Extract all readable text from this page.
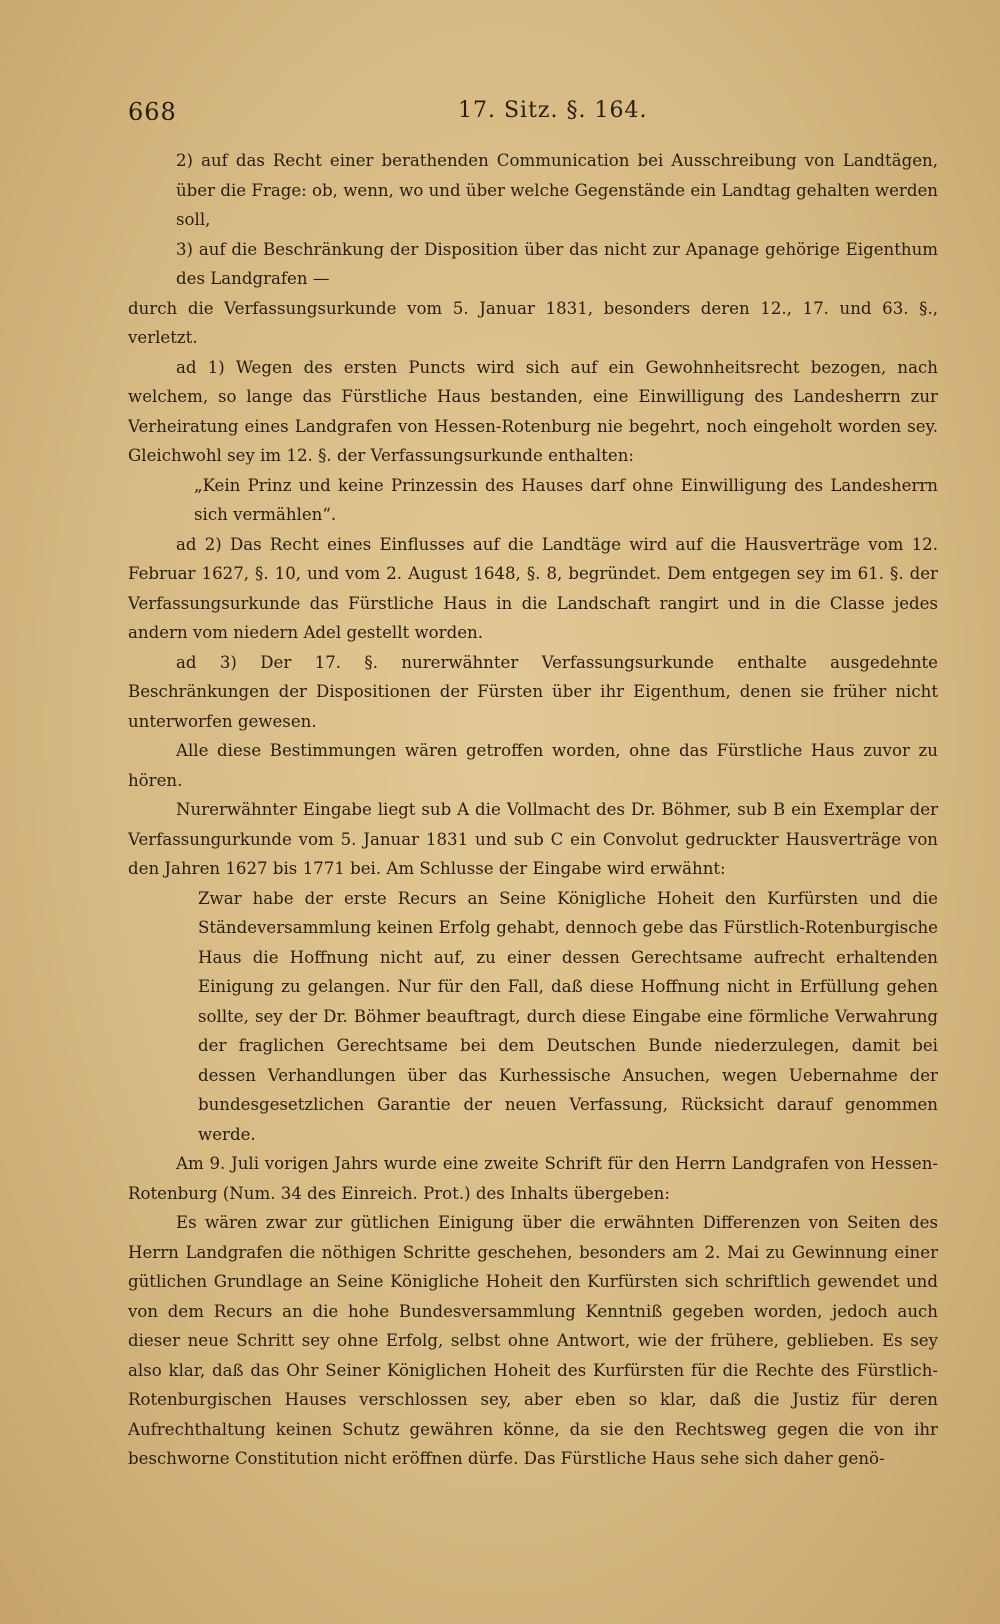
668	17. Sitz. §. 164.

2) auf das Recht einer berathenden Communication bei Ausschreibung von Landtägen, über die Frage: ob, wenn, wo und über welche Gegenstände ein Landtag gehalten werden soll,

3) auf die Beschränkung der Disposition über das nicht zur Apanage gehörige Eigenthum des Landgrafen —

durch die Verfassungsurkunde vom 5. Januar 1831, besonders deren 12., 17. und 63. §., verletzt.

ad 1) Wegen des ersten Puncts wird sich auf ein Gewohnheitsrecht bezogen, nach welchem, so lange das Fürstliche Haus bestanden, eine Einwilligung des Landesherrn zur Verheiratung eines Landgrafen von Hessen-Rotenburg nie begehrt, noch eingeholt worden sey. Gleichwohl sey im 12. §. der Verfassungsurkunde enthalten:

„Kein Prinz und keine Prinzessin des Hauses darf ohne Einwilligung des Landesherrn sich vermählen“.

ad 2) Das Recht eines Einflusses auf die Landtäge wird auf die Hausverträge vom 12. Februar 1627, §. 10, und vom 2. August 1648, §. 8, begründet. Dem entgegen sey im 61. §. der Verfassungsurkunde das Fürstliche Haus in die Landschaft rangirt und in die Classe jedes andern vom niedern Adel gestellt worden.

ad 3) Der 17. §. nurerwähnter Verfassungsurkunde enthalte ausgedehnte Beschränkungen der Dispositionen der Fürsten über ihr Eigenthum, denen sie früher nicht unterworfen gewesen.

Alle diese Bestimmungen wären getroffen worden, ohne das Fürstliche Haus zuvor zu hören.

Nurerwähnter Eingabe liegt sub A die Vollmacht des Dr. Böhmer, sub B ein Exemplar der Verfassungurkunde vom 5. Januar 1831 und sub C ein Convolut gedruckter Hausverträge von den Jahren 1627 bis 1771 bei. Am Schlusse der Eingabe wird erwähnt:

Zwar habe der erste Recurs an Seine Königliche Hoheit den Kurfürsten und die Ständeversammlung keinen Erfolg gehabt, dennoch gebe das Fürstlich-Rotenburgische Haus die Hoffnung nicht auf, zu einer dessen Gerechtsame aufrecht erhaltenden Einigung zu gelangen. Nur für den Fall, daß diese Hoffnung nicht in Erfüllung gehen sollte, sey der Dr. Böhmer beauftragt, durch diese Eingabe eine förmliche Verwahrung der fraglichen Gerechtsame bei dem Deutschen Bunde niederzulegen, damit bei dessen Verhandlungen über das Kurhessische Ansuchen, wegen Uebernahme der bundesgesetzlichen Garantie der neuen Verfassung, Rücksicht darauf genommen werde.

Am 9. Juli vorigen Jahrs wurde eine zweite Schrift für den Herrn Landgrafen von Hessen-Rotenburg (Num. 34 des Einreich. Prot.) des Inhalts übergeben:

Es wären zwar zur gütlichen Einigung über die erwähnten Differenzen von Seiten des Herrn Landgrafen die nöthigen Schritte geschehen, besonders am 2. Mai zu Gewinnung einer gütlichen Grundlage an Seine Königliche Hoheit den Kurfürsten sich schriftlich gewendet und von dem Recurs an die hohe Bundesversammlung Kenntniß gegeben worden, jedoch auch dieser neue Schritt sey ohne Erfolg, selbst ohne Antwort, wie der frühere, geblieben. Es sey also klar, daß das Ohr Seiner Königlichen Hoheit des Kurfürsten für die Rechte des Fürstlich-Rotenburgischen Hauses verschlossen sey, aber eben so klar, daß die Justiz für deren Aufrechthaltung keinen Schutz gewähren könne, da sie den Rechtsweg gegen die von ihr beschworne Constitution nicht eröffnen dürfe. Das Fürstliche Haus sehe sich daher genö-
